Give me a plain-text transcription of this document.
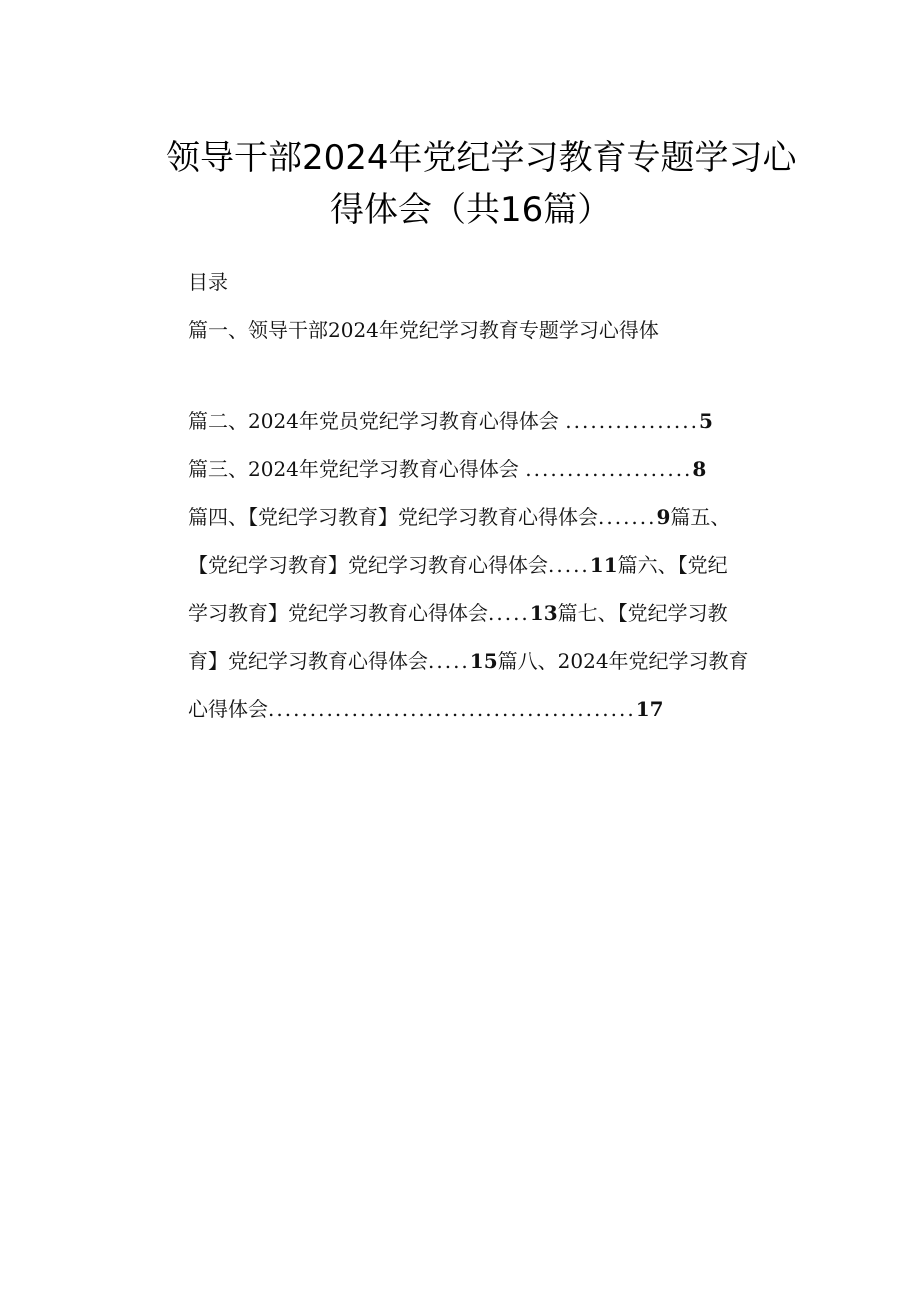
领导干部2024年党纪学习教育专题学习心
得体会（共16篇）
目录
篇一、领导干部2024年党纪学习教育专题学习心得体
篇二、2024年党员党纪学习教育心得体会 ................5
篇三、2024年党纪学习教育心得体会 ....................8
篇四、【党纪学习教育】党纪学习教育心得体会.......9篇五、
【党纪学习教育】党纪学习教育心得体会.....11篇六、【党纪
学习教育】党纪学习教育心得体会.....13篇七、【党纪学习教
育】党纪学习教育心得体会.....15篇八、2024年党纪学习教育
心得体会............................................17
